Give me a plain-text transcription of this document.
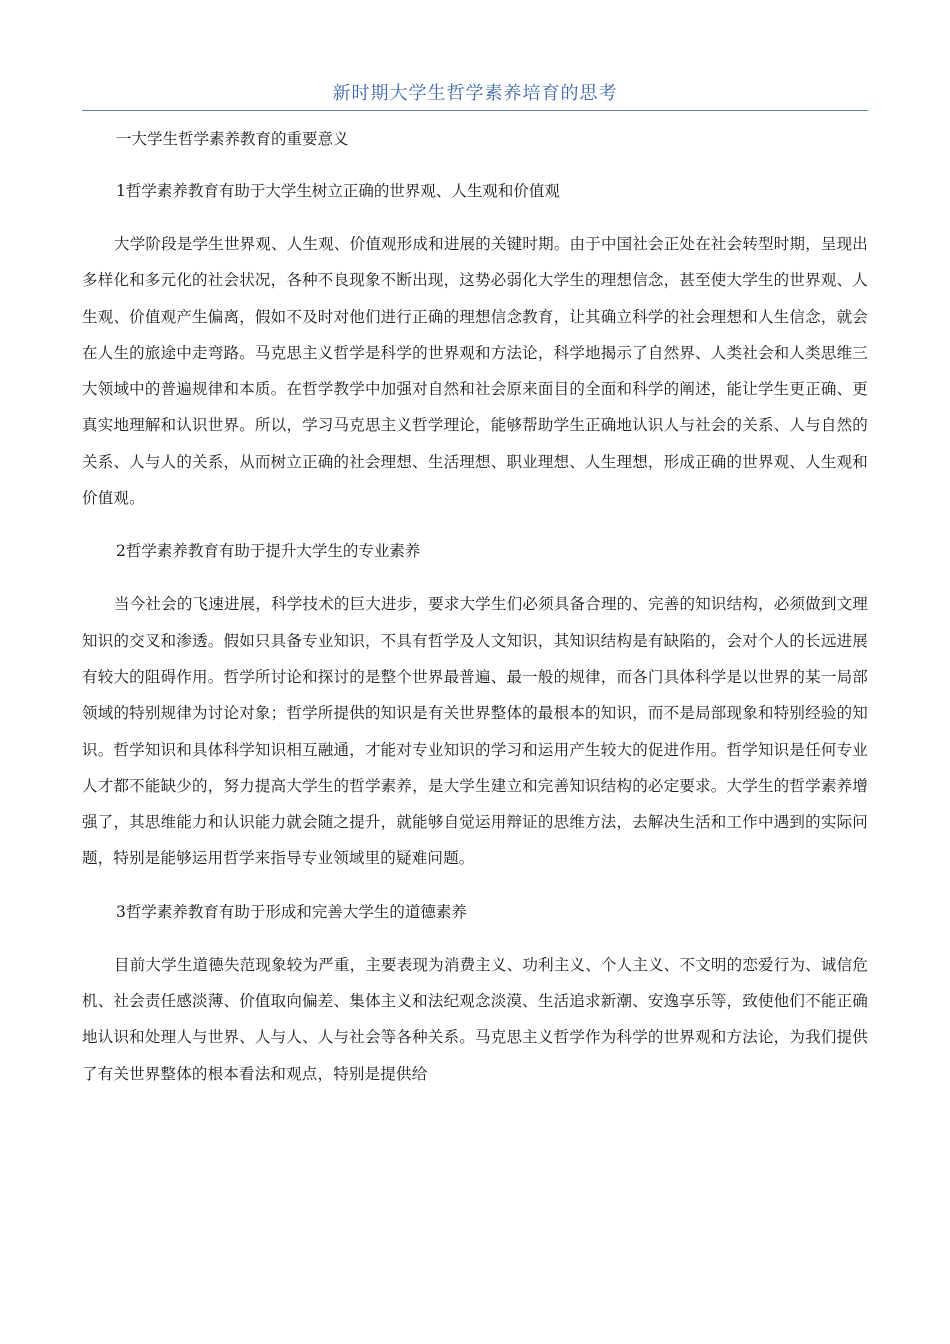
新时期大学生哲学素养培育的思考

一大学生哲学素养教育的重要意义

1哲学素养教育有助于大学生树立正确的世界观、人生观和价值观

大学阶段是学生世界观、人生观、价值观形成和进展的关键时期。由于中国社会正处在社会转型时期，呈现出多样化和多元化的社会状况，各种不良现象不断出现，这势必弱化大学生的理想信念，甚至使大学生的世界观、人生观、价值观产生偏离，假如不及时对他们进行正确的理想信念教育，让其确立科学的社会理想和人生信念，就会在人生的旅途中走弯路。马克思主义哲学是科学的世界观和方法论，科学地揭示了自然界、人类社会和人类思维三大领域中的普遍规律和本质。在哲学教学中加强对自然和社会原来面目的全面和科学的阐述，能让学生更正确、更真实地理解和认识世界。所以，学习马克思主义哲学理论，能够帮助学生正确地认识人与社会的关系、人与自然的关系、人与人的关系，从而树立正确的社会理想、生活理想、职业理想、人生理想，形成正确的世界观、人生观和价值观。

2哲学素养教育有助于提升大学生的专业素养

当今社会的飞速进展，科学技术的巨大进步，要求大学生们必须具备合理的、完善的知识结构，必须做到文理知识的交叉和渗透。假如只具备专业知识，不具有哲学及人文知识，其知识结构是有缺陷的，会对个人的长远进展有较大的阻碍作用。哲学所讨论和探讨的是整个世界最普遍、最一般的规律，而各门具体科学是以世界的某一局部领域的特别规律为讨论对象；哲学所提供的知识是有关世界整体的最根本的知识，而不是局部现象和特别经验的知识。哲学知识和具体科学知识相互融通，才能对专业知识的学习和运用产生较大的促进作用。哲学知识是任何专业人才都不能缺少的，努力提高大学生的哲学素养，是大学生建立和完善知识结构的必定要求。大学生的哲学素养增强了，其思维能力和认识能力就会随之提升，就能够自觉运用辩证的思维方法，去解决生活和工作中遇到的实际问题，特别是能够运用哲学来指导专业领域里的疑难问题。

3哲学素养教育有助于形成和完善大学生的道德素养

目前大学生道德失范现象较为严重，主要表现为消费主义、功利主义、个人主义、不文明的恋爱行为、诚信危机、社会责任感淡薄、价值取向偏差、集体主义和法纪观念淡漠、生活追求新潮、安逸享乐等，致使他们不能正确地认识和处理人与世界、人与人、人与社会等各种关系。马克思主义哲学作为科学的世界观和方法论，为我们提供了有关世界整体的根本看法和观点，特别是提供给
